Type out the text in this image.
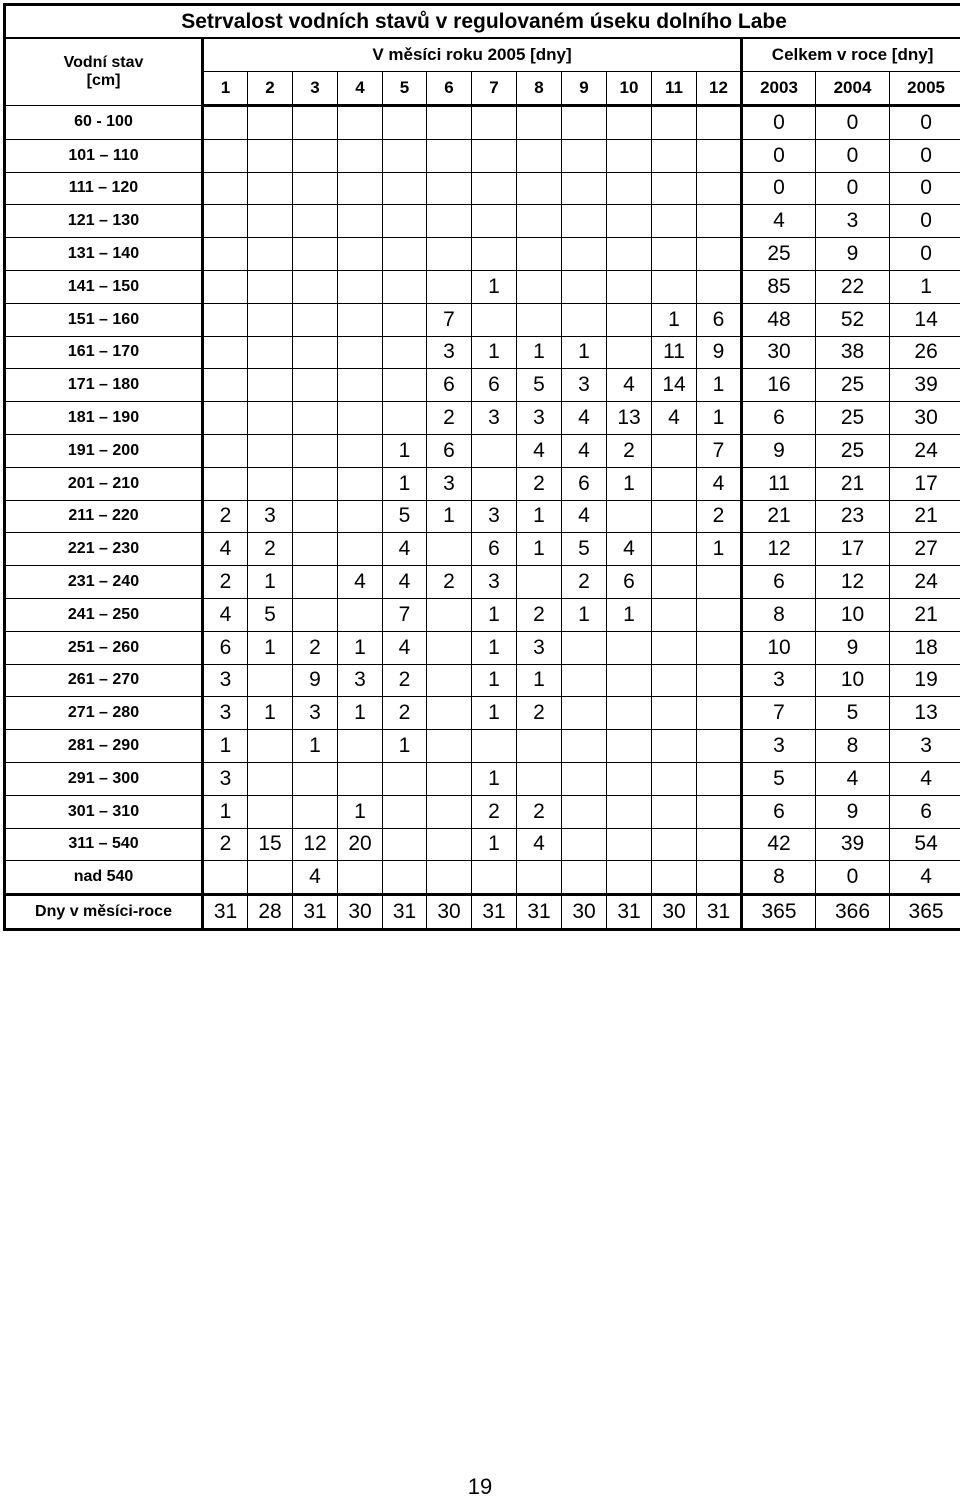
Setrvalost vodních stavů v regulovaném úseku dolního Labe															
Vodní stav
[cm]	V měsíci roku 2005 [dny]												Celkem v roce [dny]		
	1	2	3	4	5	6	7	8	9	10	11	12	2003	2004	2005
60 - 100													0	0	0
101 – 110													0	0	0
111 – 120													0	0	0
121 – 130													4	3	0
131 – 140													25	9	0
141 – 150							1						85	22	1
151 – 160						7					1	6	48	52	14
161 – 170						3	1	1	1		11	9	30	38	26
171 – 180						6	6	5	3	4	14	1	16	25	39
181 – 190						2	3	3	4	13	4	1	6	25	30
191 – 200					1	6		4	4	2		7	9	25	24
201 – 210					1	3		2	6	1		4	11	21	17
211 – 220	2	3			5	1	3	1	4			2	21	23	21
221 – 230	4	2			4		6	1	5	4		1	12	17	27
231 – 240	2	1		4	4	2	3		2	6			6	12	24
241 – 250	4	5			7		1	2	1	1			8	10	21
251 – 260	6	1	2	1	4		1	3					10	9	18
261 – 270	3		9	3	2		1	1					3	10	19
271 – 280	3	1	3	1	2		1	2					7	5	13
281 – 290	1		1		1								3	8	3
291 – 300	3						1						5	4	4
301 – 310	1			1			2	2					6	9	6
311 – 540	2	15	12	20			1	4					42	39	54
nad 540			4										8	0	4
Dny v měsíci-roce	31	28	31	30	31	30	31	31	30	31	30	31	365	366	365
19
